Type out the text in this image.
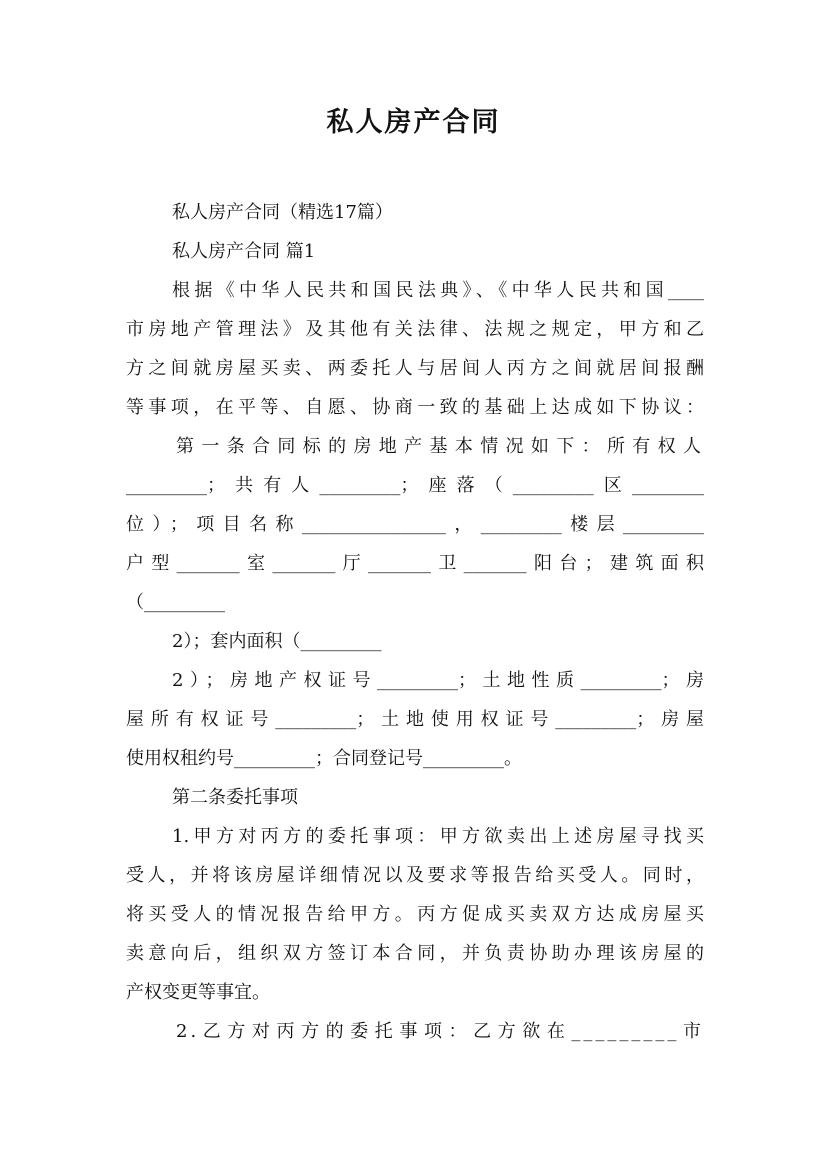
私人房产合同
私人房产合同（精选17篇）
私人房产合同 篇1
根据《中华人民共和国民法典》、《中华人民共和国____
市房地产管理法》及其他有关法律、法规之规定，甲方和乙
方之间就房屋买卖、两委托人与居间人丙方之间就居间报酬
等事项，在平等、自愿、协商一致的基础上达成如下协议：
第一条合同标的房地产基本情况如下：所有权人
_________；共有人_________；座落（_________区________
位）；项目名称________________，_________楼层_________
户型_______室_______厅_______卫_______阳台；建筑面积
（_________
2）；套内面积（_________
2）；房地产权证号_________；土地性质_________；房
屋所有权证号_________；土地使用权证号_________；房屋
使用权租约号_________；合同登记号_________。
第二条委托事项
1.甲方对丙方的委托事项：甲方欲卖出上述房屋寻找买
受人，并将该房屋详细情况以及要求等报告给买受人。同时，
将买受人的情况报告给甲方。丙方促成买卖双方达成房屋买
卖意向后，组织双方签订本合同，并负责协助办理该房屋的
产权变更等事宜。
2.乙方对丙方的委托事项：乙方欲在_________市
